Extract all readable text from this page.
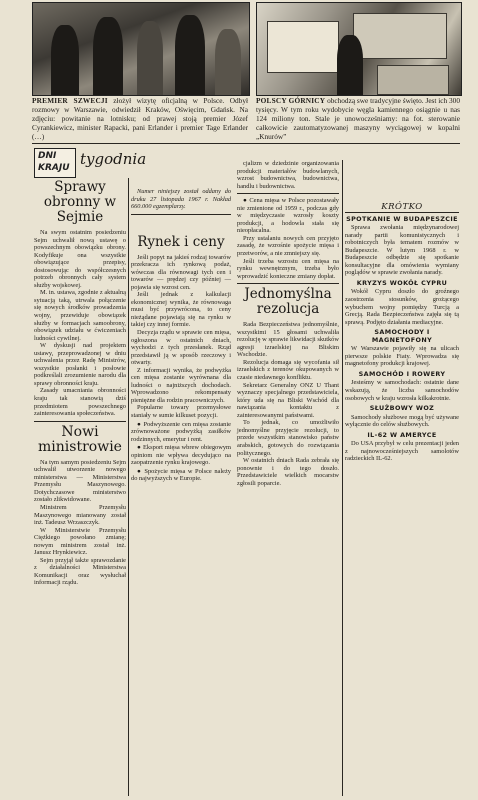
PREMIER SZWECJI złożył wizytę oficjalną w Polsce. Odbył rozmowy w Warszawie, odwiedził Kraków, Oświęcim, Gdańsk. Na zdjęciu: powitanie na lotnisku; od prawej stoją premier Józef Cyrankiewicz, minister Rapacki, pani Erlander i premier Tage Erlander (…)
POLSCY GÓRNICY obchodzą swe tradycyjne święto. Jest ich 300 tysięcy. W tym roku wydobycie węgla kamiennego osiągnie u nas 124 miliony ton. Stale je unowocześniamy: na fot. sterowanie całkowicie zautomatyzowanej maszyny wyciągowej w kopalni „Knurów”
DNI
KRAJU tygodnia
Sprawy obronny w Sejmie

Na swym ostatnim posiedzeniu Sejm uchwalił nową ustawę o powszechnym obowiązku obrony. Kodyfikuje ona wszystkie obowiązujące przepisy, dostosowując do współczesnych potrzeb obronnych cały system służby wojskowej.

M. in. ustawa, zgodnie z aktualną sytuacją taką, utrwala połączenie się nowych środków prowadzenia wojny, przewiduje obowiązek służby w formacjach samoobrony, obowiązek udziału w ćwiczeniach ludności cywilnej.

W dyskusji nad projektem ustawy, przeprowadzonej w dniu uchwalenia przez Radę Ministrów, wszystkie posłanki i posłowie podkreślali zrozumienie narodu dla sprawy obronności kraju.

Zasady umacniania obronności kraju tak stanowią dziś przedmiotem powszechnego zainteresowania społeczeństwa.

Nowi ministrowie

Na tym samym posiedzeniu Sejm uchwalił utworzenie nowego ministerstwa — Ministerstwa Przemysłu Maszynowego. Dotychczasowe ministerstwo zostało zlikwidowane.

Ministrem Przemysłu Maszynowego mianowany został inż. Tadeusz Wrzaszczyk.

W Ministerstwie Przemysłu Ciężkiego powołano zmianę; nowym ministrem został inż. Janusz Hrynkiewicz.

Sejm przyjął także sprawozdanie z działalności Ministerstwa Komunikacji oraz wysłuchał informacji rządu.

Numer niniejszy został oddany do druku 27 listopada 1967 r. Nakład 660.000 egzemplarzy.

Rynek i ceny

Jeśli popyt na jakieś rodzaj towarów przekracza ich rynkową podaż, wówczas dla równowagi tych cen i towarów — prędzej czy później — pojawia się wzrost cen.

Jeśli jednak z kalkulacji ekonomicznej wynika, że równowaga musi być przywrócona, to ceny nieżądane pojawiają się na rynku w takiej czy innej formie.

Decyzja rządu w sprawie cen mięsa, ogłoszona w ostatnich dniach, wychodzi z tych przesłanek. Rząd przedstawił ją w sposób rzeczowy i otwarty.

Z informacji wynika, że podwyżka cen mięsa zostanie wyrównana dla ludności o najniższych dochodach. Wprowadzono rekompensaty pieniężne dla rodzin pracowniczych.

Popularne towary przemysłowe staniały w sumie kilkuset pozycji.

● Podwyższenie cen mięsa zostanie zrównoważone podwyżką zasiłków rodzinnych, emerytur i rent.

● Eksport mięsa wbrew obiegowym opiniom nie wpływa decydująco na zaopatrzenie rynku krajowego.

● Spożycie mięsa w Polsce należy do najwyższych w Europie.

cjalizm w dziedzinie organizowania produkcji materiałów budowlanych, wzrost budownictwa, budownictwa, handlu i budownictwa.

● Cena mięsa w Polsce pozostawały nie zmienione od 1959 r., podczas gdy w międzyczasie wzrosły koszty produkcji, a hodowla stała się nieopłacalna.

Przy ustalaniu nowych cen przyjęto zasadę, że wzrośnie spożycie mięsa i przetworów, a nie zmniejszy się.

Jeśli trzeba wzrostu cen mięsa na rynku wewnętrznym, trzeba było wprowadzić konieczne zmiany dopłat.

Jednomyślna rezolucja

Rada Bezpieczeństwa jednomyślnie, wszystkimi 15 głosami uchwaliła rezolucję w sprawie likwidacji skutków agresji izraelskiej na Bliskim Wschodzie.

Rezolucja domaga się wycofania sił izraelskich z terenów okupowanych w czasie niedawnego konfliktu.

Sekretarz Generalny ONZ U Thant wyznaczy specjalnego przedstawiciela, który uda się na Bliski Wschód dla nawiązania kontaktu z zainteresowanymi państwami.

To jednak, co umożliwiło jednomyślne przyjęcie rezolucji, to przede wszystkim stanowisko państw arabskich, gotowych do rozwiązania politycznego.

W ostatnich dniach Rada zebrała się ponownie i do tego doszło. Przedstawiciele wielkich mocarstw zgłosili poparcie.

KRÓTKO
SPOTKANIE W BUDAPESZCIE

Sprawa zwołania międzynarodowej narady partii komunistycznych i robotniczych była tematem rozmów w Budapeszcie. W lutym 1968 r. w Budapeszcie odbędzie się spotkanie konsultacyjne dla omówienia wymiany poglądów w sprawie zwołania narady.

KRYZYS WOKÓŁ CYPRU

Wokół Cypru doszło do groźnego zaostrzenia stosunków, grożącego wybuchem wojny pomiędzy Turcją a Grecją. Rada Bezpieczeństwa zajęła się tą sprawą. Podjęto działania mediacyjne.

SAMOCHODY I MAGNETOFONY

W Warszawie pojawiły się na ulicach pierwsze polskie Fiaty. Wprowadza się magnetofony produkcji krajowej.

SAMOCHÓD I ROWERY

Jesteśmy w samochodach: ostatnie dane wskazują, że liczba samochodów osobowych w kraju wzrosła kilkakrotnie.

SŁUŻBOWY WOZ

Samochody służbowe mogą być używane wyłącznie do celów służbowych.

IL-62 W AMERYCE

Do USA przybył w celu prezentacji jeden z najnowocześniejszych samolotów radzieckich IL-62.
